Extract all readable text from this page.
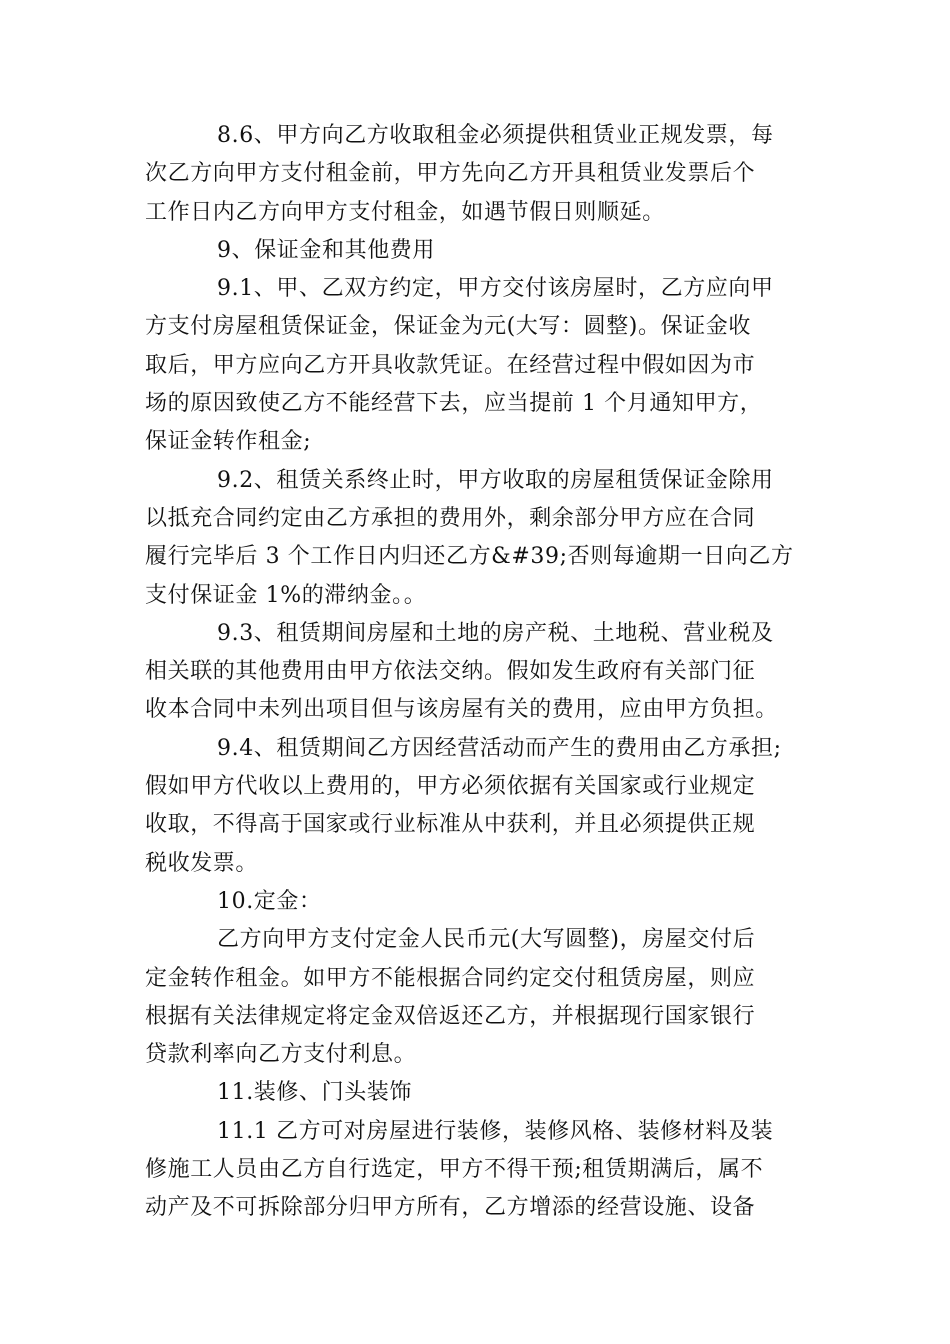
8.6、甲方向乙方收取租金必须提供租赁业正规发票，每
次乙方向甲方支付租金前，甲方先向乙方开具租赁业发票后个
工作日内乙方向甲方支付租金，如遇节假日则顺延。
9、保证金和其他费用
9.1、甲、乙双方约定，甲方交付该房屋时，乙方应向甲
方支付房屋租赁保证金，保证金为元(大写：圆整)。保证金收
取后，甲方应向乙方开具收款凭证。在经营过程中假如因为市
场的原因致使乙方不能经营下去，应当提前 1 个月通知甲方，
保证金转作租金;
9.2、租赁关系终止时，甲方收取的房屋租赁保证金除用
以抵充合同约定由乙方承担的费用外，剩余部分甲方应在合同
履行完毕后 3 个工作日内归还乙方&#39;否则每逾期一日向乙方
支付保证金 1%的滞纳金。。
9.3、租赁期间房屋和土地的房产税、土地税、营业税及
相关联的其他费用由甲方依法交纳。假如发生政府有关部门征
收本合同中未列出项目但与该房屋有关的费用，应由甲方负担。
9.4、租赁期间乙方因经营活动而产生的费用由乙方承担;
假如甲方代收以上费用的，甲方必须依据有关国家或行业规定
收取，不得高于国家或行业标准从中获利，并且必须提供正规
税收发票。
10.定金：
乙方向甲方支付定金人民币元(大写圆整)，房屋交付后
定金转作租金。如甲方不能根据合同约定交付租赁房屋，则应
根据有关法律规定将定金双倍返还乙方，并根据现行国家银行
贷款利率向乙方支付利息。
11.装修、门头装饰
11.1 乙方可对房屋进行装修，装修风格、装修材料及装
修施工人员由乙方自行选定，甲方不得干预;租赁期满后，属不
动产及不可拆除部分归甲方所有，乙方增添的经营设施、设备
